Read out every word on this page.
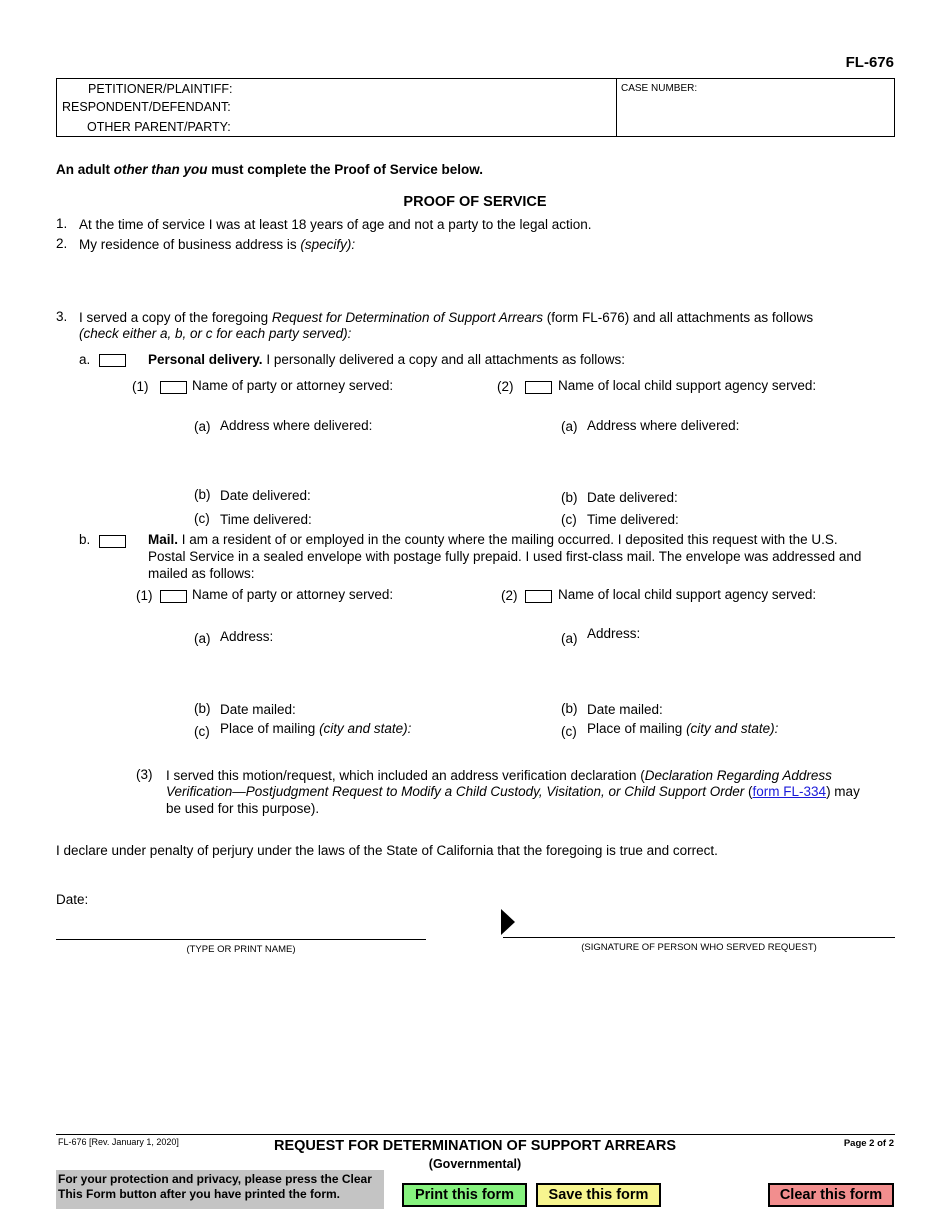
FL-676
PETITIONER/PLAINTIFF:
RESPONDENT/DEFENDANT:
OTHER PARENT/PARTY:
CASE NUMBER:
An adult other than you must complete the Proof of Service below.
PROOF OF SERVICE
1. At the time of service I was at least 18 years of age and not a party to the legal action.
2. My residence of business address is (specify):
3. I served a copy of the foregoing Request for Determination of Support Arrears (form FL-676) and all attachments as follows
(check either a, b, or c for each party served):
a.	Personal delivery. I personally delivered a copy and all attachments as follows:
(1)	Name of party or attorney served:	(2)	Name of local child support agency served:
(a) Address where delivered:	(a) Address where delivered:
(b) Date delivered:	(b) Date delivered:
(c) Time delivered:	(c) Time delivered:
b.	Mail. I am a resident of or employed in the county where the mailing occurred. I deposited this request with the U.S.
Postal Service in a sealed envelope with postage fully prepaid. I used first-class mail. The envelope was addressed and
mailed as follows:
(1)	Name of party or attorney served:	(2)	Name of local child support agency served:
(a) Address:	(a) Address:
(b) Date mailed:	(b) Date mailed:
(c) Place of mailing (city and state):	(c) Place of mailing (city and state):
(3) I served this motion/request, which included an address verification declaration (Declaration Regarding Address
Verification—Postjudgment Request to Modify a Child Custody, Visitation, or Child Support Order (form FL-334) may
be used for this purpose).
I declare under penalty of perjury under the laws of the State of California that the foregoing is true and correct.
Date:
(TYPE OR PRINT NAME)	(SIGNATURE OF PERSON WHO SERVED REQUEST)
FL-676 [Rev. January 1, 2020]	REQUEST FOR DETERMINATION OF SUPPORT ARREARS
(Governmental)
Page 2 of 2
For your protection and privacy, please press the Clear This Form button after you have printed the form.	Print this form	Save this form	Clear this form
